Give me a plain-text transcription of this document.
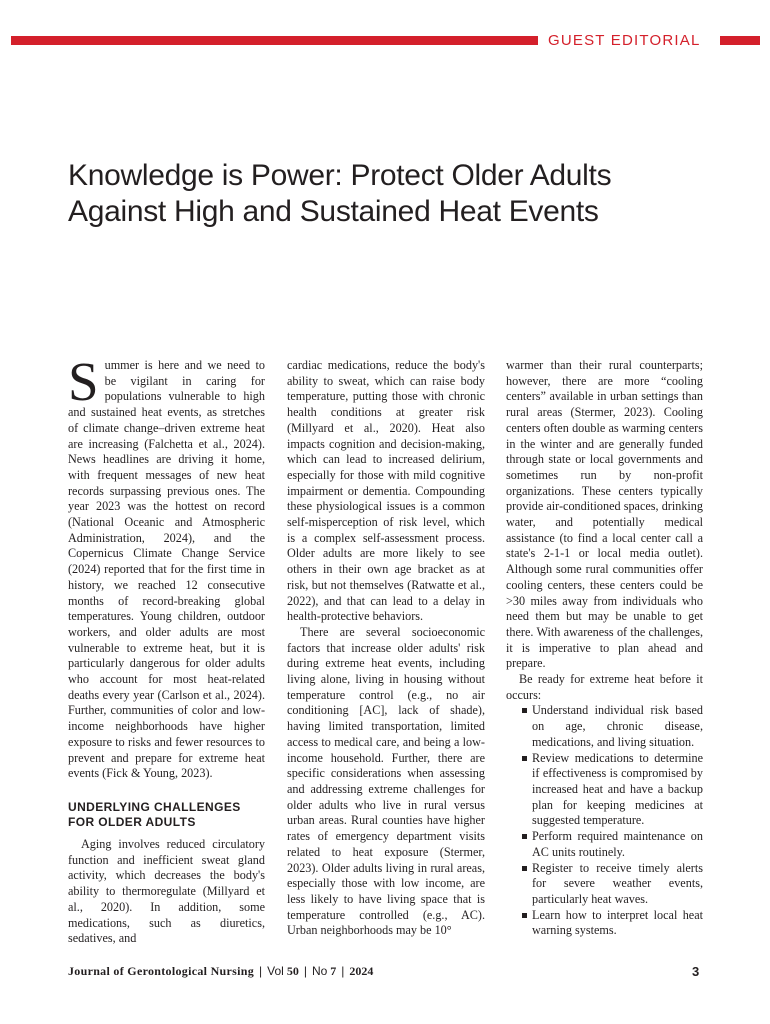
GUEST EDITORIAL
Knowledge is Power: Protect Older Adults
Against High and Sustained Heat Events

Summer is here and we need to be vigilant in caring for populations vulnerable to high and sustained heat events, as stretches of climate change–driven extreme heat are increasing (Falchetta et al., 2024). News headlines are driving it home, with frequent messages of new heat records surpassing previous ones. The year 2023 was the hottest on record (National Oceanic and Atmospheric Administration, 2024), and the Copernicus Climate Change Service (2024) reported that for the first time in history, we reached 12 consecutive months of record-breaking global temperatures. Young children, outdoor workers, and older adults are most vulnerable to extreme heat, but it is particularly dangerous for older adults who account for most heat-related deaths every year (Carlson et al., 2024). Further, communities of color and low-income neighborhoods have higher exposure to risks and fewer resources to prevent and prepare for extreme heat events (Fick & Young, 2023).

UNDERLYING CHALLENGES
FOR OLDER ADULTS

Aging involves reduced circulatory function and inefficient sweat gland activity, which decreases the body's ability to thermoregulate (Millyard et al., 2020). In addition, some medications, such as diuretics, sedatives, and

cardiac medications, reduce the body's ability to sweat, which can raise body temperature, putting those with chronic health conditions at greater risk (Millyard et al., 2020). Heat also impacts cognition and decision-making, which can lead to increased delirium, especially for those with mild cognitive impairment or dementia. Compounding these physiological issues is a common self-misperception of risk level, which is a complex self-assessment process. Older adults are more likely to see others in their own age bracket as at risk, but not themselves (Ratwatte et al., 2022), and that can lead to a delay in health-protective behaviors.

There are several socioeconomic factors that increase older adults' risk during extreme heat events, including living alone, living in housing without temperature control (e.g., no air conditioning [AC], lack of shade), having limited transportation, limited access to medical care, and being a low-income household. Further, there are specific considerations when assessing and addressing extreme challenges for older adults who live in rural versus urban areas. Rural counties have higher rates of emergency department visits related to heat exposure (Stermer, 2023). Older adults living in rural areas, especially those with low income, are less likely to have living space that is temperature controlled (e.g., AC). Urban neighborhoods may be 10°

warmer than their rural counterparts; however, there are more “cooling centers” available in urban settings than rural areas (Stermer, 2023). Cooling centers often double as warming centers in the winter and are generally funded through state or local governments and sometimes run by non-profit organizations. These centers typically provide air-conditioned spaces, drinking water, and potentially medical assistance (to find a local center call a state's 2-1-1 or local media outlet). Although some rural communities offer cooling centers, these centers could be >30 miles away from individuals who need them but may be unable to get there. With awareness of the challenges, it is imperative to plan ahead and prepare.

Be ready for extreme heat before it occurs:

Understand individual risk based on age, chronic disease, medications, and living situation.
Review medications to determine if effectiveness is compromised by increased heat and have a backup plan for keeping medicines at suggested temperature.
Perform required maintenance on AC units routinely.
Register to receive timely alerts for severe weather events, particularly heat waves.
Learn how to interpret local heat warning systems.
Journal of Gerontological Nursing | Vol 50 | No 7 | 2024	3
